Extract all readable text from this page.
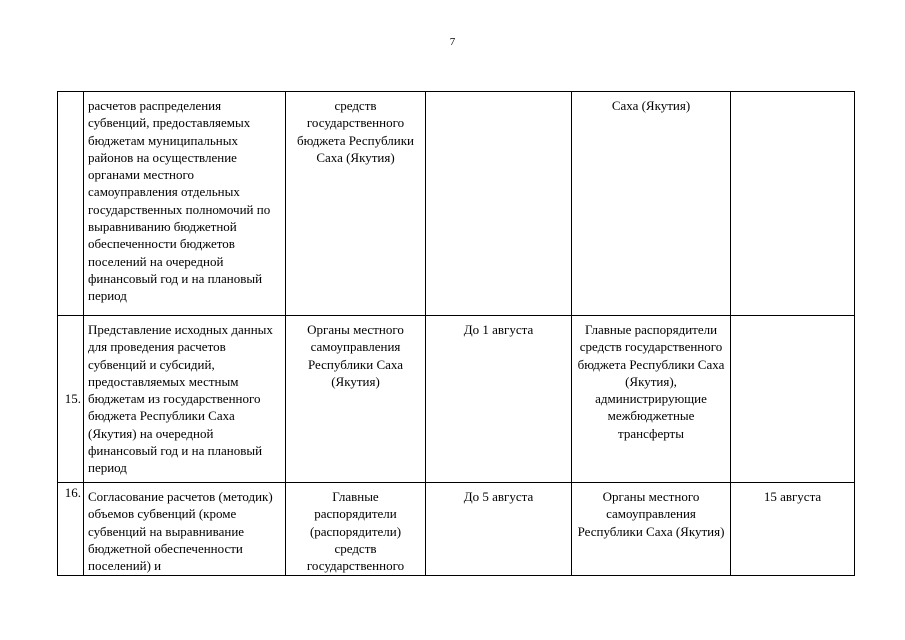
7
	расчетов распределения субвенций, предоставляемых бюджетам муниципальных районов на осуществление органами местного самоуправления отдельных государственных полномочий по выравниванию бюджетной обеспеченности бюджетов поселений на очередной финансовый год и на плановый период	средств государственного бюджета Республики Саха (Якутия)		Саха (Якутия)	
15.	Представление исходных данных для проведения расчетов субвенций и субсидий, предоставляемых местным бюджетам из государственного бюджета Республики Саха (Якутия) на очередной финансовый год и на плановый период	Органы местного самоуправления Республики Саха (Якутия)	До 1 августа	Главные распорядители средств государственного бюджета Республики Саха (Якутия), администрирующие межбюджетные трансферты	
16.	Согласование расчетов (методик) объемов субвенций (кроме субвенций на выравнивание бюджетной обеспеченности поселений) и	Главные распорядители (распорядители) средств государственного	До 5 августа	Органы местного самоуправления Республики Саха (Якутия)	15 августа
